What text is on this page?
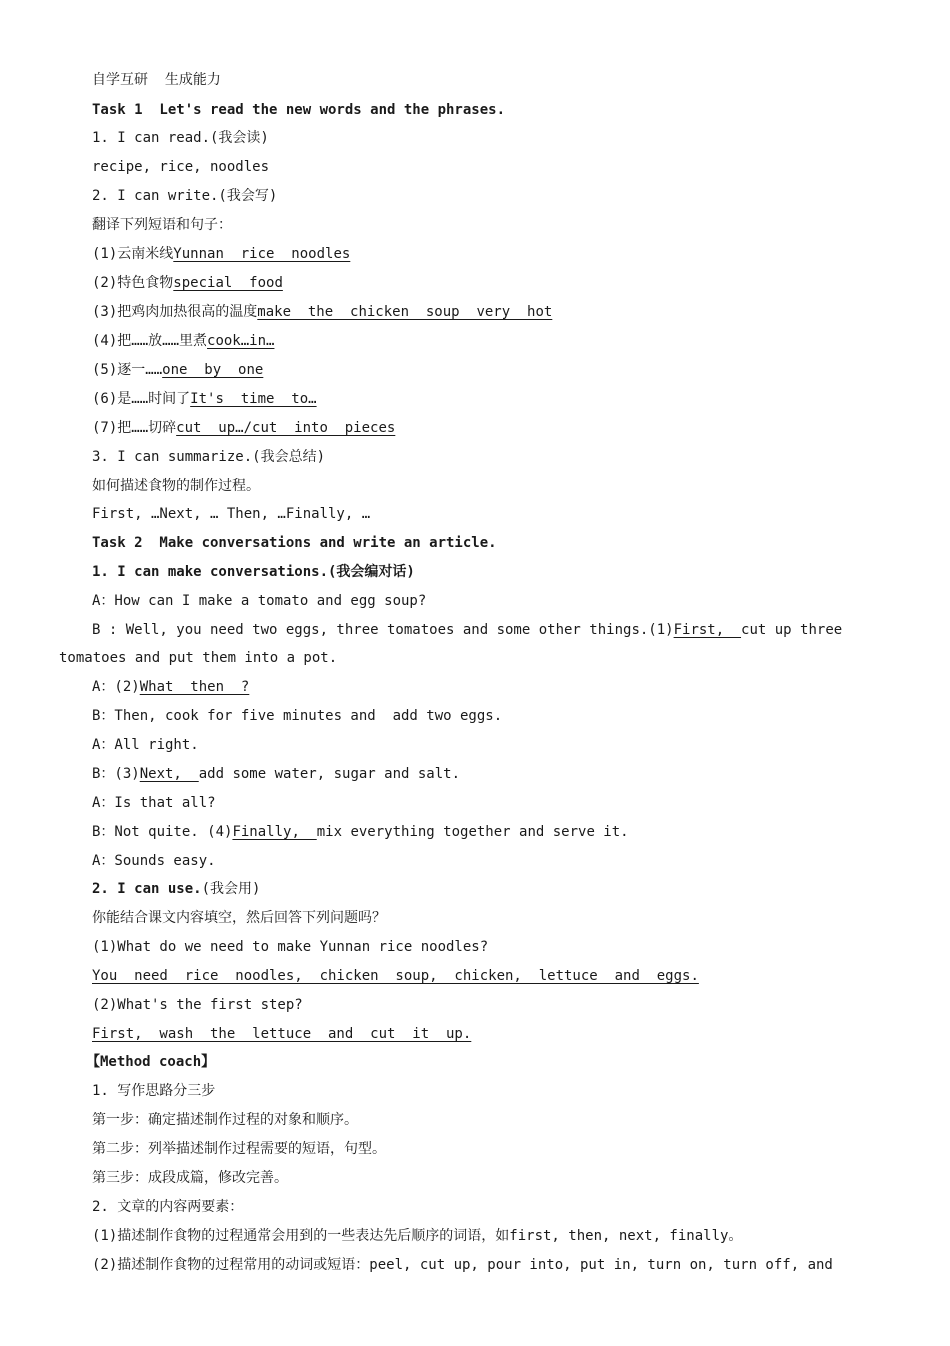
自学互研  生成能力
Task 1  Let's read the new words and the phrases.
1. I can read.(我会读)
recipe, rice, noodles
2. I can write.(我会写)
翻译下列短语和句子：
(1)云南米线Yunnan  rice  noodles
(2)特色食物special  food
(3)把鸡肉加热很高的温度make  the  chicken  soup  very  hot
(4)把……放……里煮cook…in…
(5)逐一……one  by  one
(6)是……时间了It's  time  to…
(7)把……切碎cut  up…/cut  into  pieces
3. I can summarize.(我会总结)
如何描述食物的制作过程。
First, …Next, … Then, …Finally, …
Task 2  Make conversations and write an article.
1. I can make conversations.(我会编对话)
A：How can I make a tomato and egg soup?
B : Well, you need two eggs, three tomatoes and some other things.(1)First,  cut up three
tomatoes and put them into a pot.
A：(2)What  then  ?
B：Then, cook for five minutes and  add two eggs.
A：All right.
B：(3)Next,  add some water, sugar and salt.
A：Is that all?
B：Not quite. (4)Finally,  mix everything together and serve it.
A：Sounds easy.
2. I can use.(我会用)
你能结合课文内容填空，然后回答下列问题吗？
(1)What do we need to make Yunnan rice noodles?
You  need  rice  noodles,  chicken  soup,  chicken,  lettuce  and  eggs.
(2)What's the first step?
First,  wash  the  lettuce  and  cut  it  up.
【Method coach】
1. 写作思路分三步
第一步：确定描述制作过程的对象和顺序。
第二步：列举描述制作过程需要的短语，句型。
第三步：成段成篇，修改完善。
2. 文章的内容两要素：
(1)描述制作食物的过程通常会用到的一些表达先后顺序的词语，如first, then, next, finally。
(2)描述制作食物的过程常用的动词或短语：peel, cut up, pour into, put in, turn on, turn off, and
